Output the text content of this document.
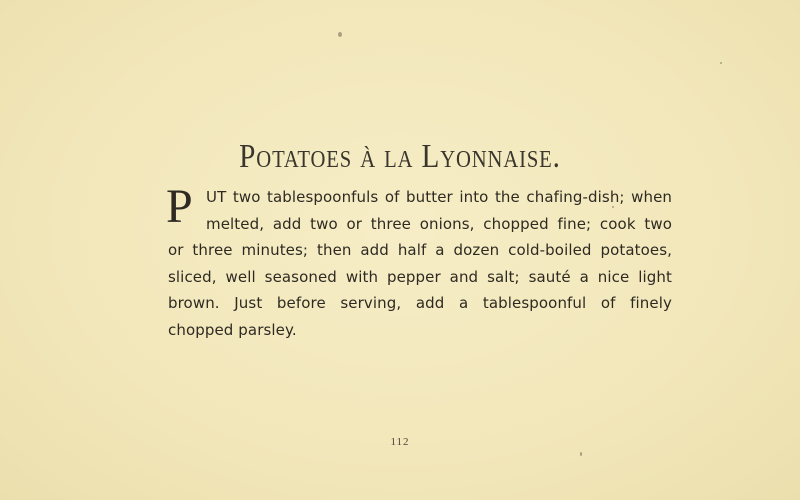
Potatoes à la Lyonnaise.
P UT two tablespoonfuls of butter into the chafing-dish; when
melted, add two or three onions, chopped fine; cook two
or three minutes; then add half a dozen cold-boiled potatoes,
sliced, well seasoned with pepper and salt; sauté a nice light
brown. Just before serving, add a tablespoonful of finely
chopped parsley.
112
